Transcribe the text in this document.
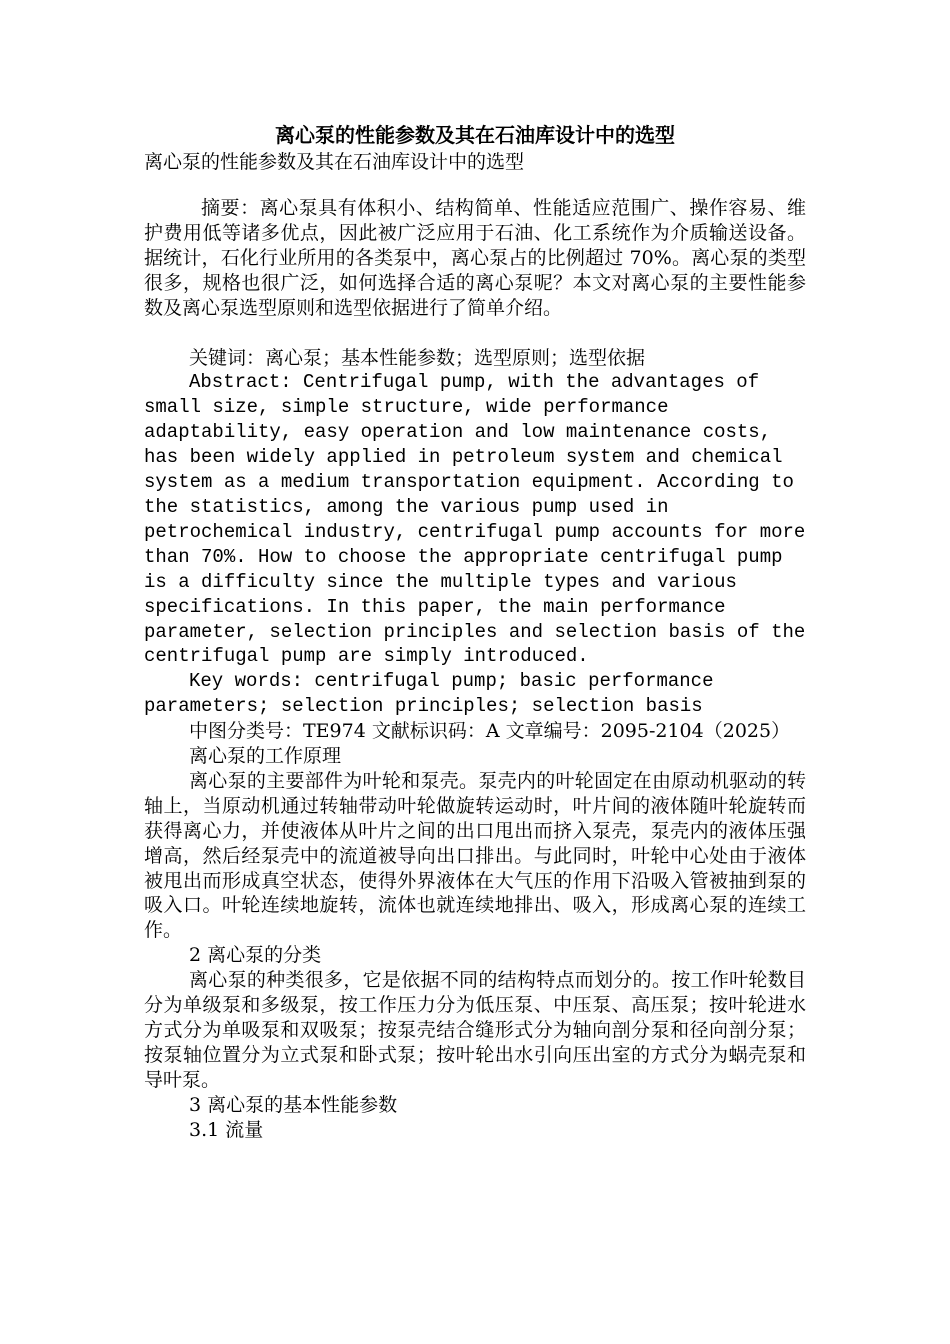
离心泵的性能参数及其在石油库设计中的选型
离心泵的性能参数及其在石油库设计中的选型

摘要：离心泵具有体积小、结构简单、性能适应范围广、操作容易、维护费用低等诸多优点，因此被广泛应用于石油、化工系统作为介质输送设备。据统计，石化行业所用的各类泵中，离心泵占的比例超过 70%。离心泵的类型很多，规格也很广泛，如何选择合适的离心泵呢？本文对离心泵的主要性能参数及离心泵选型原则和选型依据进行了简单介绍。

关键词：离心泵；基本性能参数；选型原则；选型依据

Abstract: Centrifugal pump, with the advantages of small size, simple structure, wide performance adaptability, easy operation and low maintenance costs, has been widely applied in petroleum system and chemical system as a medium transportation equipment. According to the statistics, among the various pump used in petrochemical industry, centrifugal pump accounts for more than 70%. How to choose the appropriate centrifugal pump is a difficulty since the multiple types and various specifications. In this paper, the main performance parameter, selection principles and selection basis of the centrifugal pump are simply introduced.

Key words: centrifugal pump; basic performance parameters; selection principles; selection basis

中图分类号：TE974 文献标识码：A 文章编号：2095-2104（2025）

离心泵的工作原理

离心泵的主要部件为叶轮和泵壳。泵壳内的叶轮固定在由原动机驱动的转轴上，当原动机通过转轴带动叶轮做旋转运动时，叶片间的液体随叶轮旋转而获得离心力，并使液体从叶片之间的出口甩出而挤入泵壳，泵壳内的液体压强增高，然后经泵壳中的流道被导向出口排出。与此同时，叶轮中心处由于液体被甩出而形成真空状态，使得外界液体在大气压的作用下沿吸入管被抽到泵的吸入口。叶轮连续地旋转，流体也就连续地排出、吸入，形成离心泵的连续工作。

2 离心泵的分类

离心泵的种类很多，它是依据不同的结构特点而划分的。按工作叶轮数目分为单级泵和多级泵，按工作压力分为低压泵、中压泵、高压泵；按叶轮进水方式分为单吸泵和双吸泵；按泵壳结合缝形式分为轴向剖分泵和径向剖分泵；按泵轴位置分为立式泵和卧式泵；按叶轮出水引向压出室的方式分为蜗壳泵和导叶泵。

3 离心泵的基本性能参数

3.1 流量
